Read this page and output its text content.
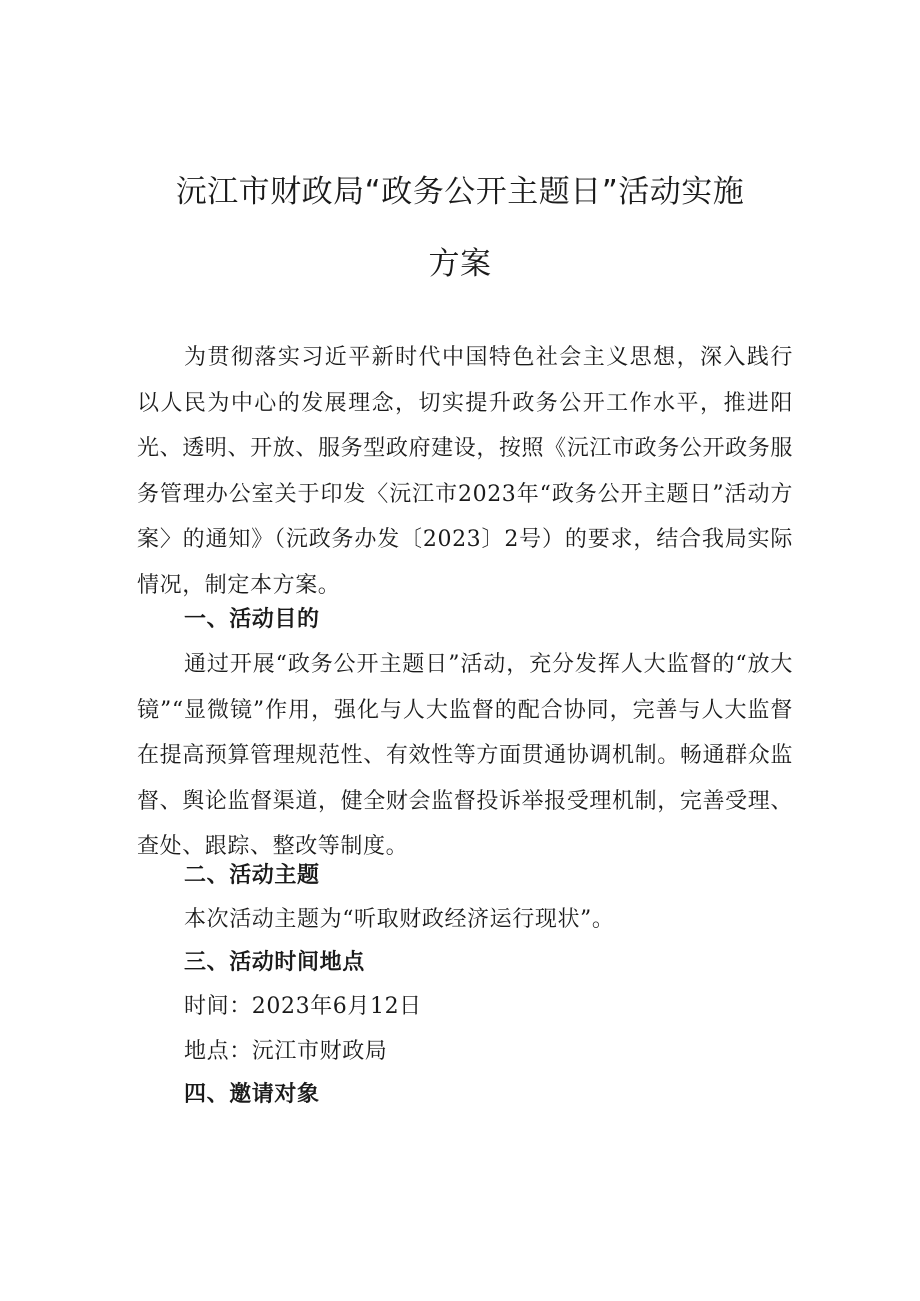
沅江市财政局“政务公开主题日”活动实施
方案
为贯彻落实习近平新时代中国特色社会主义思想，深入践行以人民为中心的发展理念，切实提升政务公开工作水平，推进阳光、透明、开放、服务型政府建设，按照《沅江市政务公开政务服务管理办公室关于印发〈沅江市2023年“政务公开主题日”活动方案〉的通知》（沅政务办发〔2023〕2号）的要求，结合我局实际情况，制定本方案。
一、活动目的
通过开展“政务公开主题日”活动，充分发挥人大监督的“放大镜”“显微镜”作用，强化与人大监督的配合协同，完善与人大监督在提高预算管理规范性、有效性等方面贯通协调机制。畅通群众监督、舆论监督渠道，健全财会监督投诉举报受理机制，完善受理、查处、跟踪、整改等制度。
二、活动主题
本次活动主题为“听取财政经济运行现状”。
三、活动时间地点
时间：2023年6月12日
地点：沅江市财政局
四、邀请对象
